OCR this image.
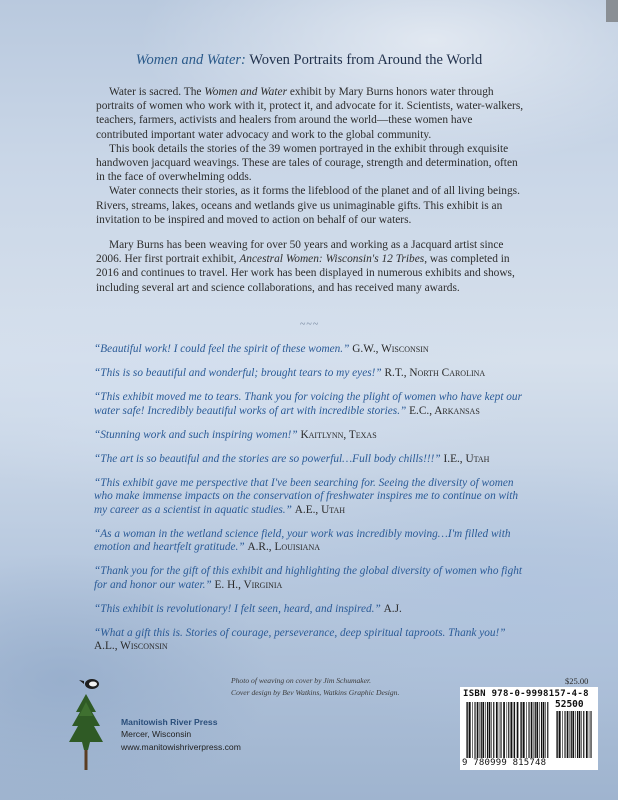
Women and Water: Woven Portraits from Around the World

Water is sacred. The Women and Water exhibit by Mary Burns honors water through portraits of women who work with it, protect it, and advocate for it. Scientists, water-walkers, teachers, farmers, activists and healers from around the world—these women have contributed important water advocacy and work to the global community.

This book details the stories of the 39 women portrayed in the exhibit through exquisite handwoven jacquard weavings. These are tales of courage, strength and determination, often in the face of overwhelming odds.

Water connects their stories, as it forms the lifeblood of the planet and of all living beings. Rivers, streams, lakes, oceans and wetlands give us unimaginable gifts. This exhibit is an invitation to be inspired and moved to action on behalf of our waters.

Mary Burns has been weaving for over 50 years and working as a Jacquard artist since 2006. Her first portrait exhibit, Ancestral Women: Wisconsin's 12 Tribes, was completed in 2016 and continues to travel. Her work has been displayed in numerous exhibits and shows, including several art and science collaborations, and has received many awards.

~~~
“Beautiful work! I could feel the spirit of these women.” G.W., Wisconsin
“This is so beautiful and wonderful; brought tears to my eyes!” R.T., North Carolina
“This exhibit moved me to tears. Thank you for voicing the plight of women who have kept our water safe! Incredibly beautiful works of art with incredible stories.” E.C., Arkansas
“Stunning work and such inspiring women!” Kaitlynn, Texas
“The art is so beautiful and the stories are so powerful…Full body chills!!!” I.E., Utah
“This exhibit gave me perspective that I've been searching for. Seeing the diversity of women who make immense impacts on the conservation of freshwater inspires me to continue on with my career as a scientist in aquatic studies.” A.E., Utah
“As a woman in the wetland science field, your work was incredibly moving…I'm filled with emotion and heartfelt gratitude.” A.R., Louisiana
“Thank you for the gift of this exhibit and highlighting the global diversity of women who fight for and honor our water.” E. H., Virginia
“This exhibit is revolutionary! I felt seen, heard, and inspired.” A.J.
“What a gift this is. Stories of courage, perseverance, deep spiritual taproots. Thank you!” A.L., Wisconsin
Photo of weaving on cover by Jim Schumaker.
Cover design by Bev Watkins, Watkins Graphic Design.
$25.00
ISBN 978-0-9998157-4-8
52500
9 780999 815748
Manitowish River Press
Mercer, Wisconsin
www.manitowishriverpress.com
